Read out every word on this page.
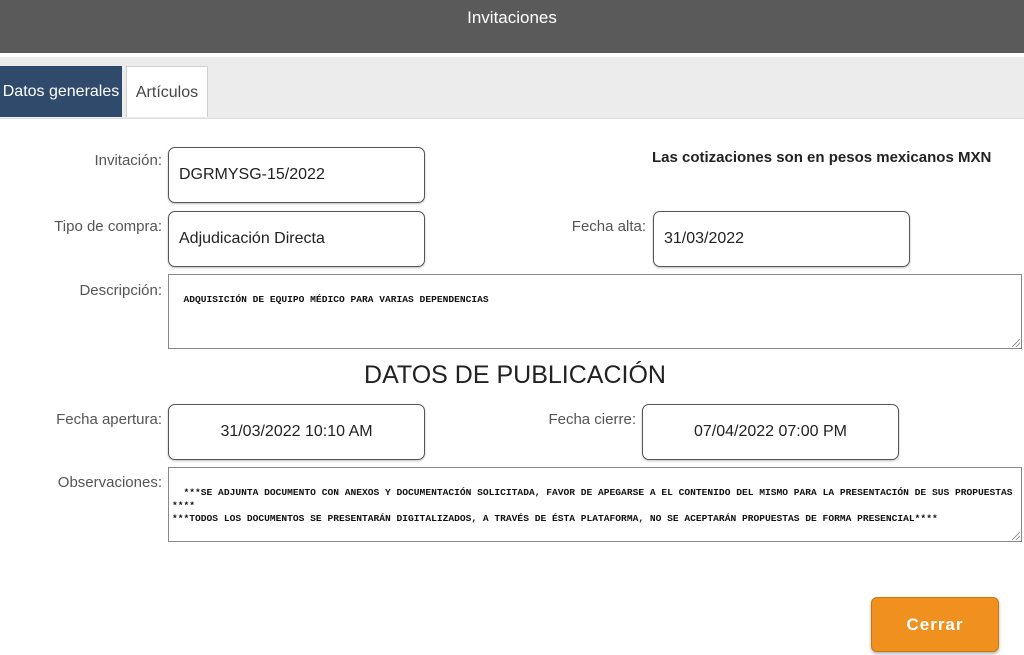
Invitaciones
Datos generales	Artículos
Invitación:
DGRMYSG-15/2022
Las cotizaciones son en pesos mexicanos MXN
Tipo de compra:
Adjudicación Directa
Fecha alta:
31/03/2022
Descripción:

ADQUISICIÓN DE EQUIPO MÉDICO PARA VARIAS DEPENDENCIAS

DATOS DE PUBLICACIÓN
Fecha apertura:
31/03/2022 10:10 AM
Fecha cierre:
07/04/2022 07:00 PM
Observaciones:

***SE ADJUNTA DOCUMENTO CON ANEXOS Y DOCUMENTACIÓN SOLICITADA, FAVOR DE APEGARSE A EL CONTENIDO DEL MISMO PARA LA PRESENTACIÓN DE SUS PROPUESTAS ****
***TODOS LOS DOCUMENTOS SE PRESENTARÁN DIGITALIZADOS, A TRAVÉS DE ÉSTA PLATAFORMA, NO SE ACEPTARÁN PROPUESTAS DE FORMA PRESENCIAL****

Cerrar
